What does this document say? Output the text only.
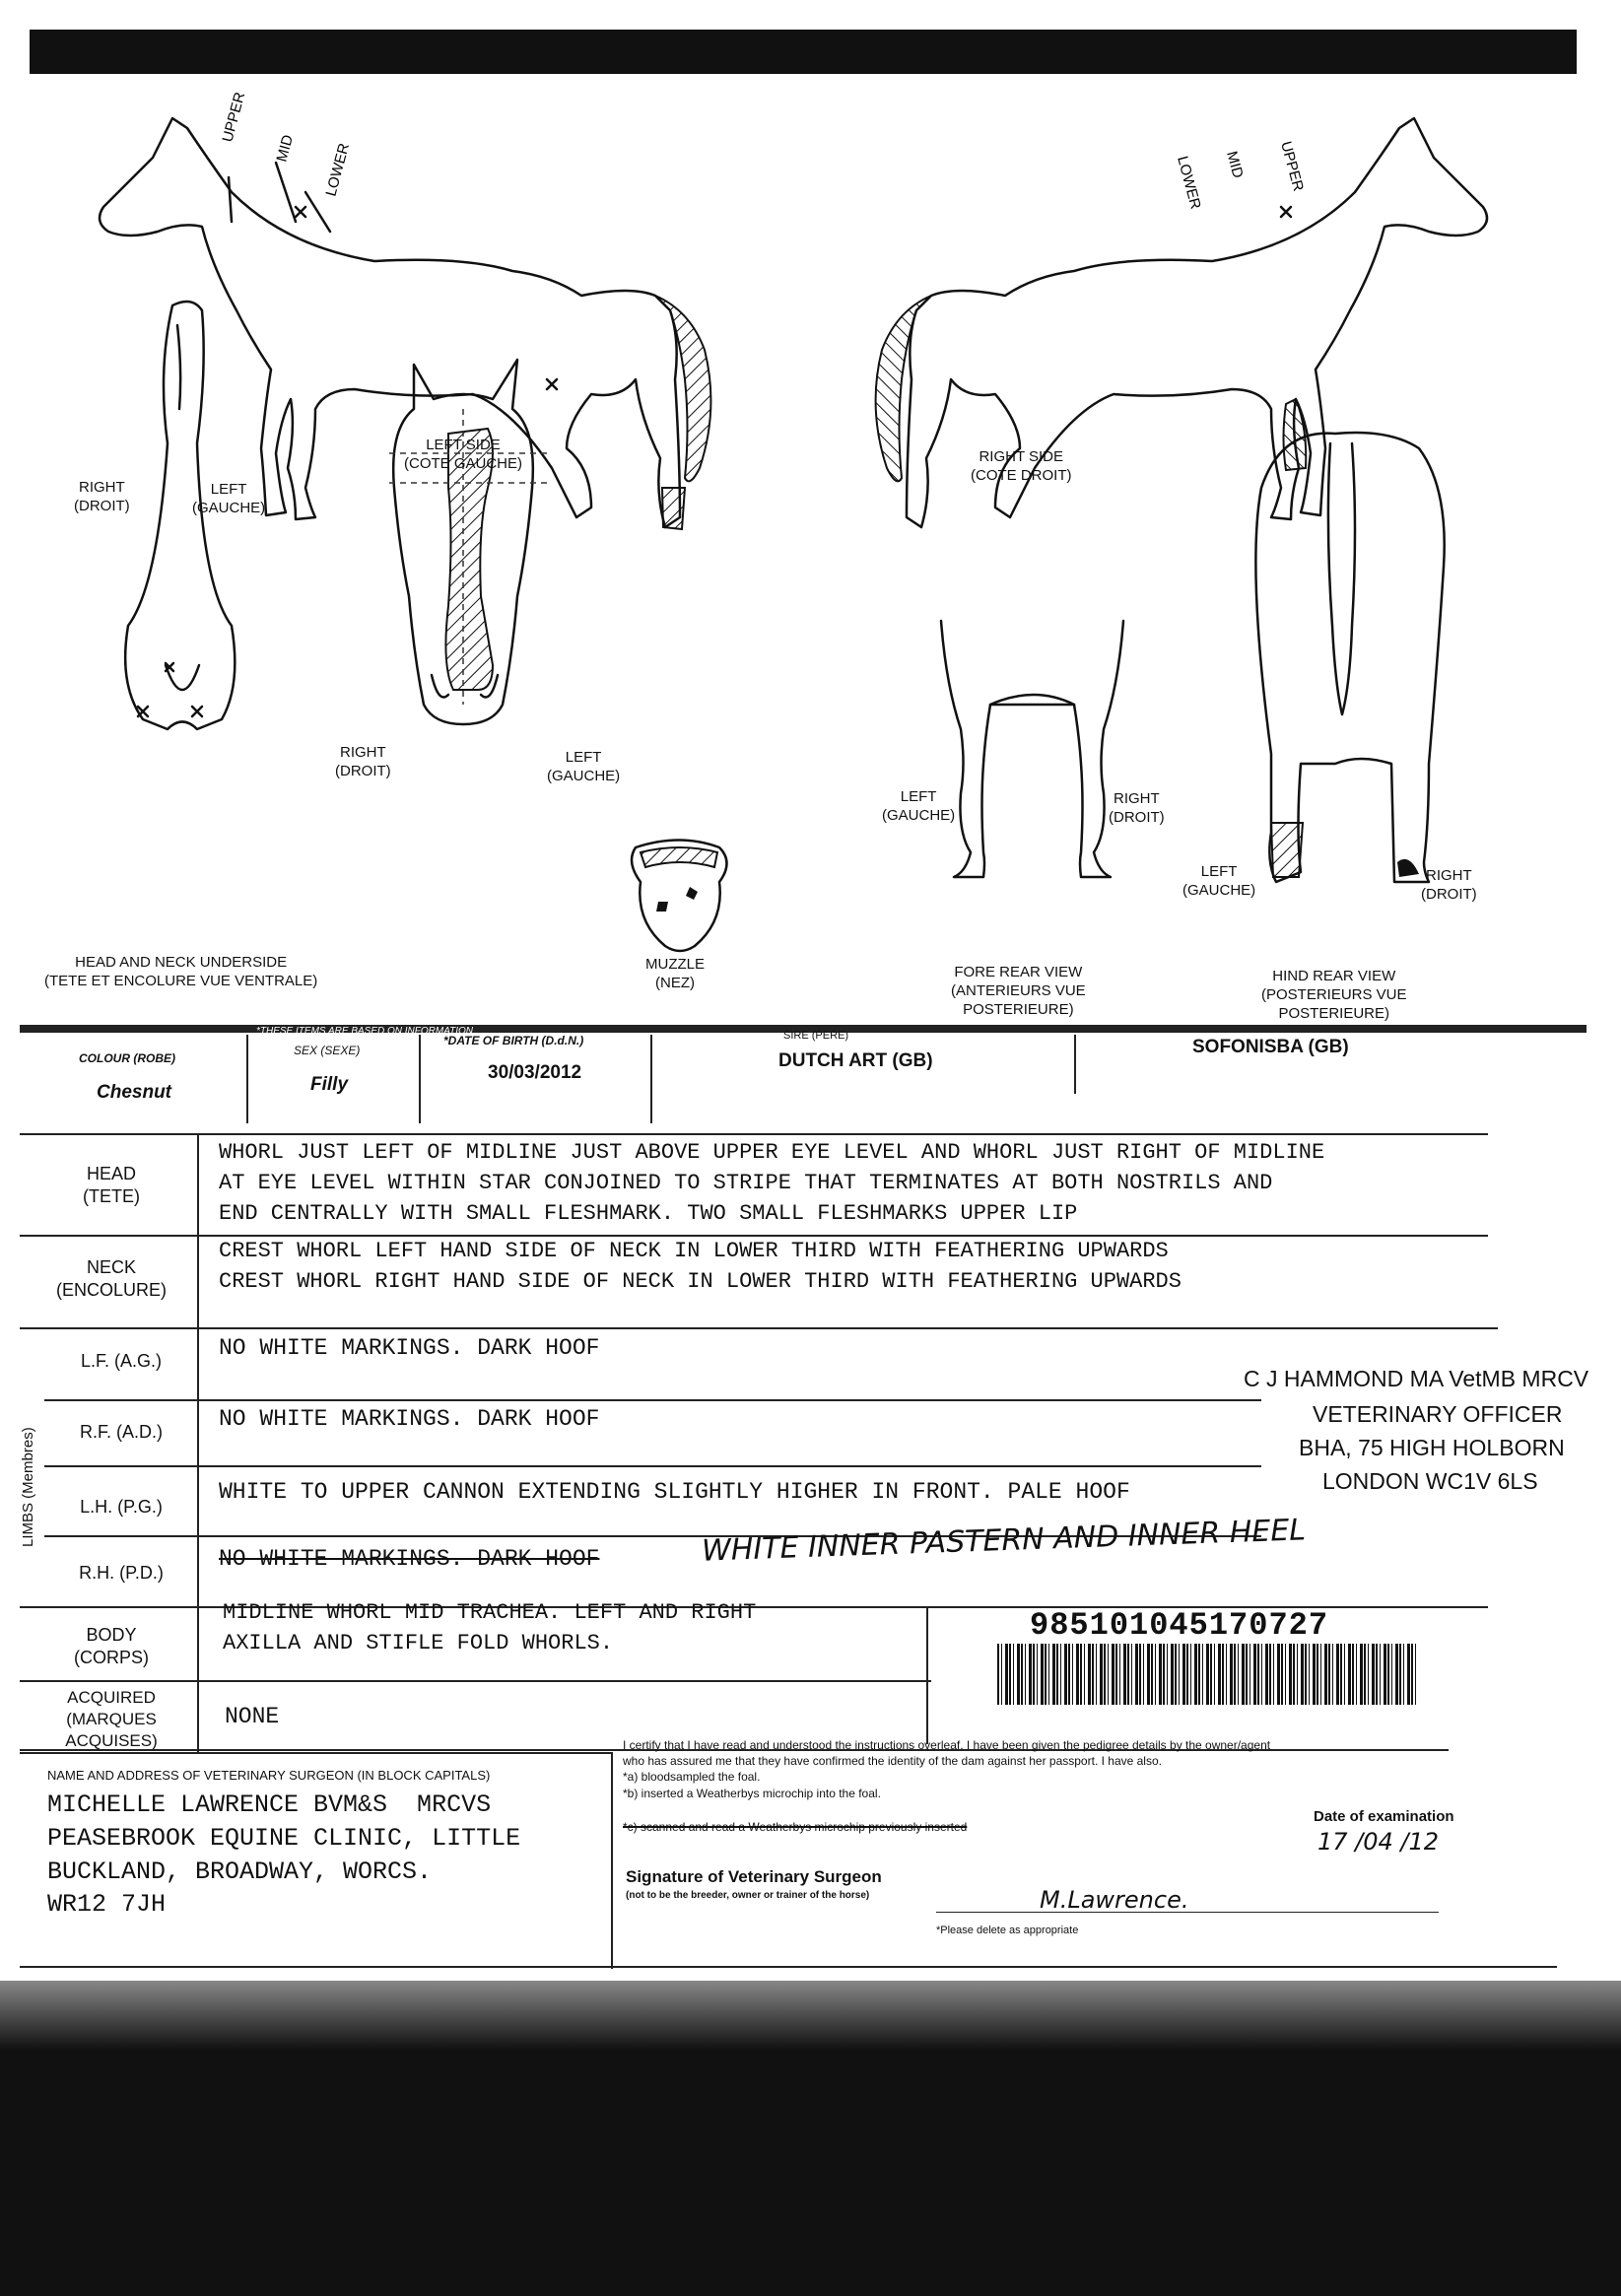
UPPER
MID LOWER	UPPER
MID
LOWER
LEFT SIDE
(COTE GAUCHE)	RIGHT SIDE
(COTE DROIT)
RIGHT
(DROIT)
LEFT
(GAUCHE)
RIGHT
(DROIT)
LEFT
(GAUCHE)
LEFT
(GAUCHE)
RIGHT
(DROIT)
LEFT
(GAUCHE)
RIGHT
(DROIT)
HEAD AND NECK UNDERSIDE
(TETE ET ENCOLURE VUE VENTRALE)
MUZZLE
(NEZ)
FORE REAR VIEW
(ANTERIEURS VUE
POSTERIEURE)
HIND REAR VIEW
(POSTERIEURS VUE
POSTERIEURE)
*THESE ITEMS ARE BASED ON INFORMATION
COLOUR (ROBE)
Chesnut
SEX (SEXE)
Filly
*DATE OF BIRTH (D.d.N.)
30/03/2012
SIRE (PERE)
DUTCH ART (GB)
SOFONISBA (GB)
HEAD
(TETE)
WHORL JUST LEFT OF MIDLINE JUST ABOVE UPPER EYE LEVEL AND WHORL JUST RIGHT OF MIDLINE
AT EYE LEVEL WITHIN STAR CONJOINED TO STRIPE THAT TERMINATES AT BOTH NOSTRILS AND
END CENTRALLY WITH SMALL FLESHMARK. TWO SMALL FLESHMARKS UPPER LIP
NECK
(ENCOLURE)
CREST WHORL LEFT HAND SIDE OF NECK IN LOWER THIRD WITH FEATHERING UPWARDS
CREST WHORL RIGHT HAND SIDE OF NECK IN LOWER THIRD WITH FEATHERING UPWARDS
LIMBS (Membres)
L.F. (A.G.)	NO WHITE MARKINGS. DARK HOOF
R.F. (A.D.)	NO WHITE MARKINGS. DARK HOOF
L.H. (P.G.)
WHITE TO UPPER CANNON EXTENDING SLIGHTLY HIGHER IN FRONT. PALE HOOF
R.H. (P.D.)
NO WHITE MARKINGS. DARK HOOF	WHITE INNER PASTERN AND INNER HEEL
C J HAMMOND MA VetMB MRCV
VETERINARY OFFICER
BHA, 75 HIGH HOLBORN
LONDON WC1V 6LS
BODY
(CORPS)
MIDLINE WHORL MID TRACHEA. LEFT AND RIGHT
AXILLA AND STIFLE FOLD WHORLS.	985101045170727
ACQUIRED
(MARQUES
ACQUISES)
NONE
NAME AND ADDRESS OF VETERINARY SURGEON (IN BLOCK CAPITALS)
MICHELLE LAWRENCE BVM&S  MRCVS
PEASEBROOK EQUINE CLINIC, LITTLE
BUCKLAND, BROADWAY, WORCS.
WR12 7JH
I certify that I have read and understood the instructions overleaf. I have been given the pedigree details by the owner/agent
who has assured me that they have confirmed the identity of the dam against her passport. I have also.
*a) bloodsampled the foal.
*b) inserted a Weatherbys microchip into the foal.
*c) scanned and read a Weatherbys microchip previously inserted
Date of examination
17 /04 /12
Signature of Veterinary Surgeon
(not to be the breeder, owner or trainer of the horse)	M.Lawrence.
*Please delete as appropriate
